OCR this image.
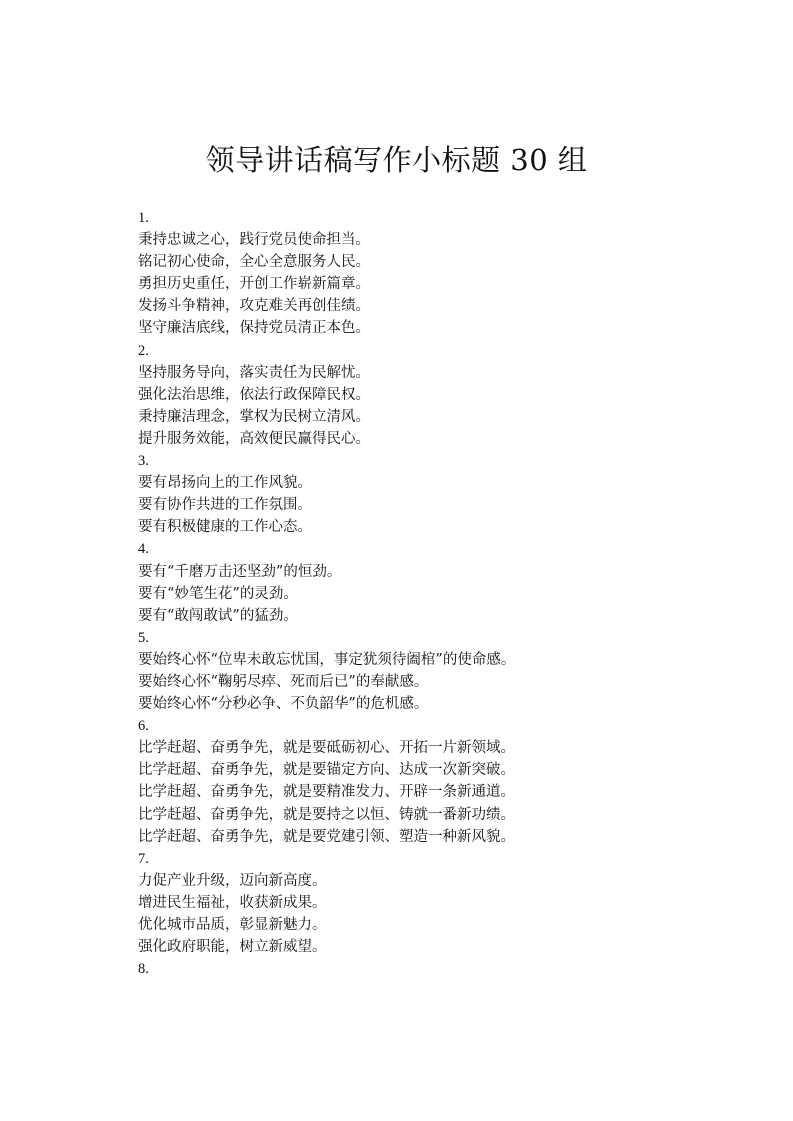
领导讲话稿写作小标题 30 组
1.
秉持忠诚之心，践行党员使命担当。
铭记初心使命，全心全意服务人民。
勇担历史重任，开创工作崭新篇章。
发扬斗争精神，攻克难关再创佳绩。
坚守廉洁底线，保持党员清正本色。
2.
坚持服务导向，落实责任为民解忧。
强化法治思维，依法行政保障民权。
秉持廉洁理念，掌权为民树立清风。
提升服务效能，高效便民赢得民心。
3.
要有昂扬向上的工作风貌。
要有协作共进的工作氛围。
要有积极健康的工作心态。
4.
要有“千磨万击还坚劲”的恒劲。
要有“妙笔生花”的灵劲。
要有“敢闯敢试”的猛劲。
5.
要始终心怀“位卑未敢忘忧国，事定犹须待阖棺”的使命感。
要始终心怀“鞠躬尽瘁、死而后已”的奉献感。
要始终心怀“分秒必争、不负韶华”的危机感。
6.
比学赶超、奋勇争先，就是要砥砺初心、开拓一片新领域。
比学赶超、奋勇争先，就是要锚定方向、达成一次新突破。
比学赶超、奋勇争先，就是要精准发力、开辟一条新通道。
比学赶超、奋勇争先，就是要持之以恒、铸就一番新功绩。
比学赶超、奋勇争先，就是要党建引领、塑造一种新风貌。
7.
力促产业升级，迈向新高度。
增进民生福祉，收获新成果。
优化城市品质，彰显新魅力。
强化政府职能，树立新威望。
8.
